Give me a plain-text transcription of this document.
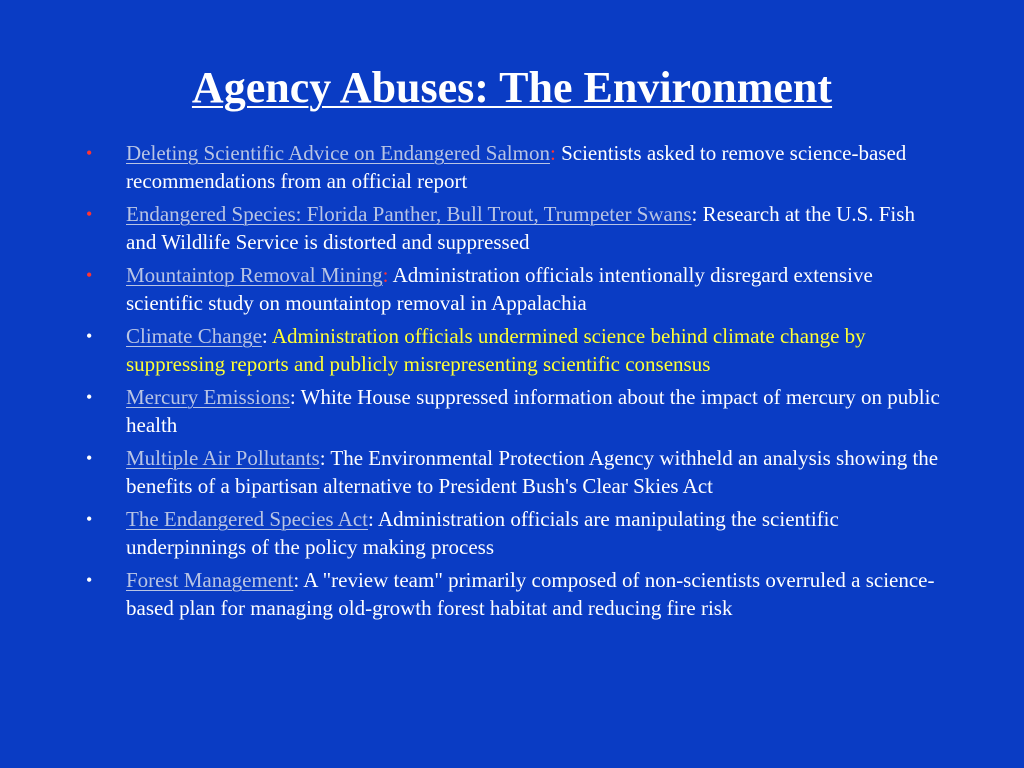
Agency Abuses: The Environment
• Deleting Scientific Advice on Endangered Salmon: Scientists asked to remove science-based recommendations from an official report
• Endangered Species: Florida Panther, Bull Trout, Trumpeter Swans: Research at the U.S. Fish and Wildlife Service is distorted and suppressed
• Mountaintop Removal Mining: Administration officials intentionally disregard extensive scientific study on mountaintop removal in Appalachia
• Climate Change: Administration officials undermined science behind climate change by suppressing reports and publicly misrepresenting scientific consensus
• Mercury Emissions: White House suppressed information about the impact of mercury on public health
• Multiple Air Pollutants: The Environmental Protection Agency withheld an analysis showing the benefits of a bipartisan alternative to President Bush's Clear Skies Act
• The Endangered Species Act: Administration officials are manipulating the scientific underpinnings of the policy making process
• Forest Management: A "review team" primarily composed of non-scientists overruled a science-based plan for managing old-growth forest habitat and reducing fire risk
